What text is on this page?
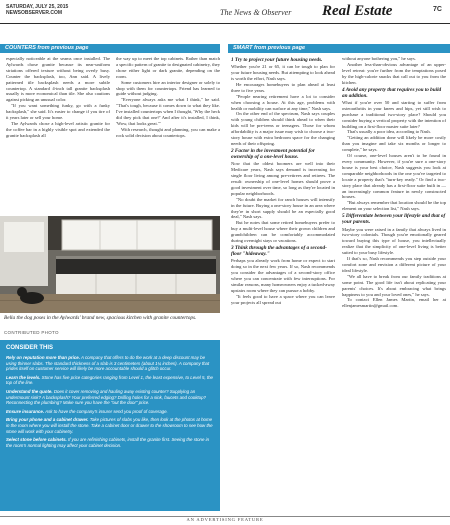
SATURDAY, JULY 25, 2015
NEWSOBSERVER.COM	The News & Observer Real Estate	7C
COUNTERS from previous page	SMART from previous page

especially noticeable at the seams once installed. The Aylwards chose granite because its near-uniform striations offered texture without being overly busy. Counter the backsplash, too, Ann said. A lively patterned tile backsplash needs a more subtle countertop. A standard 4-inch tall granite backsplash usually is more economical than tile. She also cautions against picking an unusual color.

"If you want something funky, go with a funky backsplash," she said. It's easier to change if you tire of it years later or sell your home.

The Aylwards chose a high-level artistic granite for the coffee bar in a highly visible spot and extended the granite backsplash all

the way up to meet the top cabinets. Rather than match a specific pattern of granite to designated cabinetry, they chose either light or dark granite, depending on the room.

Some customers hire an interior designer or solely to shop with them for countertops. Friend has learned to guide without judging.

"Everyone always asks me what I think," he said. "That's tough, because it comes down to what they like. I've installed countertops when I thought, 'Why the heck did they pick that one?' And after it's installed, I think, 'Wow, that looks great.'"

With research, thought and planning, you can make a rock solid decision about countertops.

Bella the dog poses in the Aylwards' brand new, spacious kitchen with granite countertops.
CONTRIBUTED PHOTO
CONSIDER THIS

Rely on reputation more than price. A company that offers to do the work at a deep discount may be using thinner slabs. The standard thickness of a slab is 3 centimeters (about 1¼ inches). A company that prides itself on customer service will likely be more accountable should a glitch occur.

Learn the levels. Stone has five price categories ranging from Level 1, the least expensive, to Level 5, the top of the line.

Understand the quote. Does it cover removing and hauling away existing counter? Supplying an undermount sink? A backsplash? Your preferred edging? Drilling holes for a sink, faucets and cooktop? Reconnecting the plumbing? Make sure you have the "out the door" price.

Ensure insurance. Ask to have the company's insurer send you proof of coverage.

Bring your phone and a cabinet drawer. Take pictures of slabs you like, then look at the photos at home in the room where you will install the stone. Take a cabinet door or drawer to the showroom to see how the stone will work with your cabinetry.

Select stone before cabinets. If you are refinishing cabinets, install the granite first. Seeing the stone in the room's normal lighting may affect your cabinet decision.

1 Try to project your future housing needs.

Whether you're 21 or 65, it can be tough to plan for your future housing needs. But attempting to look ahead is worth the effort, Nash says.

He encourages homebuyers to plan ahead at least three to five years.

"People nearing retirement have a lot to consider when choosing a house. At this age, problems with health or mobility can surface at any time," Nash says.

On the other end of the spectrum, Nash says couples with young children should think ahead to when their kids will be pre-teens or teenagers. Those for whom affordability is a major issue may wish to choose a two-story house with extra bedroom space for the changing needs of their offspring.

2 Factor in the investment potential for ownership of a one-level house.

Now that the oldest boomers are well into their Medicare years, Nash says demand is increasing for single floor living among pre-retirees and retirees. The result: ownership of one-level homes should prove a good investment over time, so long as they're located in popular neighborhoods.

"No doubt the market for ranch houses will intensify in the future. Buying a one-story house in an area where they're in short supply should be an especially good deal," Nash says.

But he notes that some retired homebuyers prefer to buy a multi-level house where their grown children and grandchildren can be comfortably accommodated during overnight stays or vacations.

3 Think through the advantages of a second-floor "hideaway."

Perhaps you already work from home or expect to start doing so in the next few years. If so, Nash recommends you consider the advantages of a second-story office where you can concentrate with few interruptions. For similar reasons, many homeowners enjoy a tucked-away upstairs room where they can pursue a hobby.

"It feels good to have a space where you can leave your projects all spread out

without anyone bothering you," he says.

Another less-than-obvious advantage of an upper-level retreat: you're further from the temptations posed by the high-calorie snacks that call out to you from the kitchen.

4 Avoid any property that requires you to build an addition.

What if you're over 50 and starting to suffer from osteoarthritis in your knees and hips, yet still wish to purchase a traditional two-story place? Should you consider buying a vertical property with the intention of building on a first-floor master suite later?

That's usually a poor idea, according to Nash.

"Getting an addition done will likely be more costly than you imagine and take six months or longer to complete," he says.

Of course, one-level houses aren't to be found in every community. However, if you're sure a one-story house is your best choice, Nash suggests you look at comparable neighborhoods in the one you've targeted to locate a property that's "turn-key ready." Or find a two-story place that already has a first-floor suite built in — an increasingly common feature in newly constructed houses.

"But always remember that location should be the top element on your selection list," Nash says.

5 Differentiate between your lifestyle and that of your parents.

Maybe you were raised in a family that always lived in two-story colonials. Though you're emotionally geared toward buying this type of house, you intellectually realize that the simplicity of one-level living is better suited to your busy lifestyle.

If that's so, Nash recommends you step outside your comfort zone and envision a different picture of your ideal lifestyle.

"We all have to break from our family traditions at some point. The good life isn't about replicating your parents' choices. It's about embracing what brings happiness to you and your loved ones," he says.

To contact Ellen James Martin, email her at ellenjamesmartin@gmail.com.

AN ADVERTISING FEATURE
